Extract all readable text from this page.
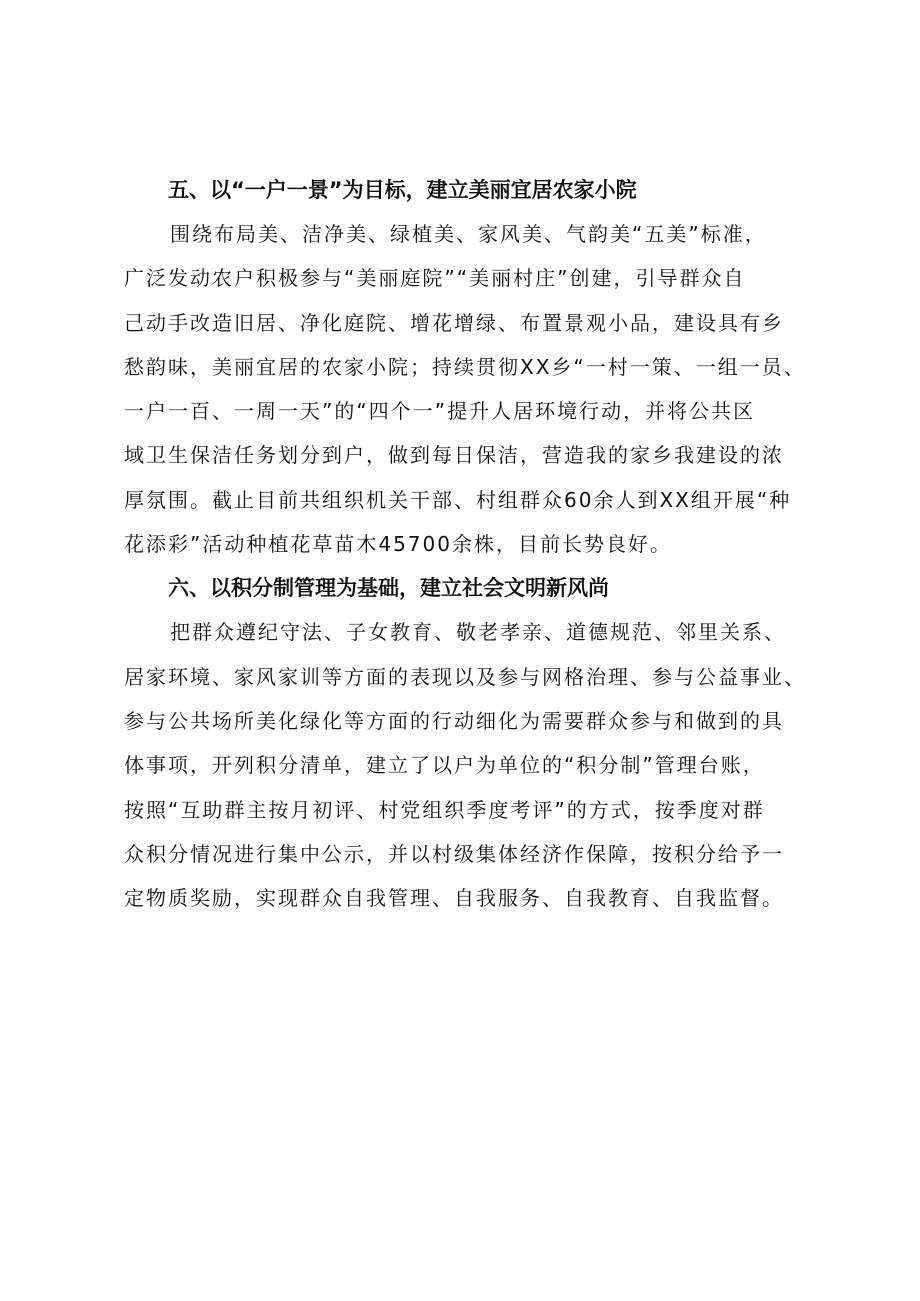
五、以“一户一景”为目标，建立美丽宜居农家小院

围绕布局美、洁净美、绿植美、家风美、气韵美“五美”标准，
广泛发动农户积极参与“美丽庭院”“美丽村庄”创建，引导群众自
己动手改造旧居、净化庭院、增花增绿、布置景观小品，建设具有乡
愁韵味，美丽宜居的农家小院；持续贯彻XX乡“一村一策、一组一员、
一户一百、一周一天”的“四个一”提升人居环境行动，并将公共区
域卫生保洁任务划分到户，做到每日保洁，营造我的家乡我建设的浓
厚氛围。截止目前共组织机关干部、村组群众60余人到XX组开展“种
花添彩”活动种植花草苗木45700余株，目前长势良好。

六、以积分制管理为基础，建立社会文明新风尚

把群众遵纪守法、子女教育、敬老孝亲、道德规范、邻里关系、
居家环境、家风家训等方面的表现以及参与网格治理、参与公益事业、
参与公共场所美化绿化等方面的行动细化为需要群众参与和做到的具
体事项，开列积分清单，建立了以户为单位的“积分制”管理台账，
按照“互助群主按月初评、村党组织季度考评”的方式，按季度对群
众积分情况进行集中公示，并以村级集体经济作保障，按积分给予一
定物质奖励，实现群众自我管理、自我服务、自我教育、自我监督。
